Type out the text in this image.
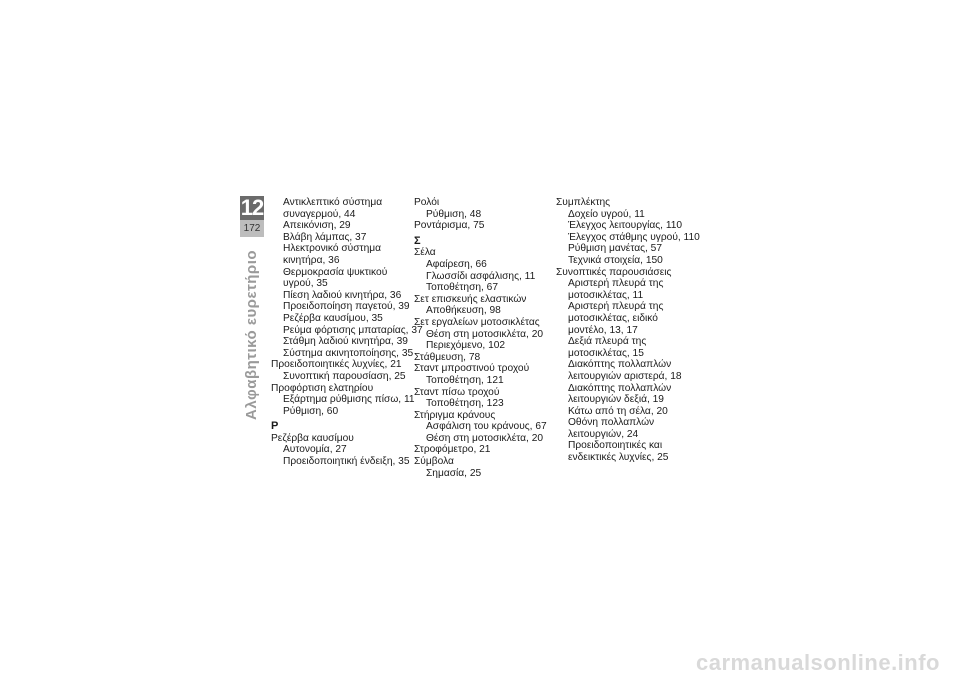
12
172
Αλφαβητικό ευρετήριο
Αντικλεπτικό σύστημα
συναγερμού, 44
Απεικόνιση, 29
Βλάβη λάμπας, 37
Ηλεκτρονικό σύστημα
κινητήρα, 36
Θερμοκρασία ψυκτικού
υγρού, 35
Πίεση λαδιού κινητήρα, 36
Προειδοποίηση παγετού, 39
Ρεζέρβα καυσίμου, 35
Ρεύμα φόρτισης μπαταρίας, 37
Στάθμη λαδιού κινητήρα, 39
Σύστημα ακινητοποίησης, 35
Προειδοποιητικές λυχνίες, 21
Συνοπτική παρουσίαση, 25
Προφόρτιση ελατηρίου
Εξάρτημα ρύθμισης πίσω, 11
Ρύθμιση, 60
Ρ
Ρεζέρβα καυσίμου
Αυτονομία, 27
Προειδοποιητική ένδειξη, 35
Ρολόι
Ρύθμιση, 48
Ροντάρισμα, 75
Σ
Σέλα
Αφαίρεση, 66
Γλωσσίδι ασφάλισης, 11
Τοποθέτηση, 67
Σετ επισκευής ελαστικών
Αποθήκευση, 98
Σετ εργαλείων μοτοσικλέτας
Θέση στη μοτοσικλέτα, 20
Περιεχόμενο, 102
Στάθμευση, 78
Σταντ μπροστινού τροχού
Τοποθέτηση, 121
Σταντ πίσω τροχού
Τοποθέτηση, 123
Στήριγμα κράνους
Ασφάλιση του κράνους, 67
Θέση στη μοτοσικλέτα, 20
Στροφόμετρο, 21
Σύμβολα
Σημασία, 25
Συμπλέκτης
Δοχείο υγρού, 11
Έλεγχος λειτουργίας, 110
Έλεγχος στάθμης υγρού, 110
Ρύθμιση μανέτας, 57
Τεχνικά στοιχεία, 150
Συνοπτικές παρουσιάσεις
Αριστερή πλευρά της
μοτοσικλέτας, 11
Αριστερή πλευρά της
μοτοσικλέτας, ειδικό
μοντέλο, 13, 17
Δεξιά πλευρά της
μοτοσικλέτας, 15
Διακόπτης πολλαπλών
λειτουργιών αριστερά, 18
Διακόπτης πολλαπλών
λειτουργιών δεξιά, 19
Κάτω από τη σέλα, 20
Οθόνη πολλαπλών
λειτουργιών, 24
Προειδοποιητικές και
ενδεικτικές λυχνίες, 25
carmanualsonline.info
